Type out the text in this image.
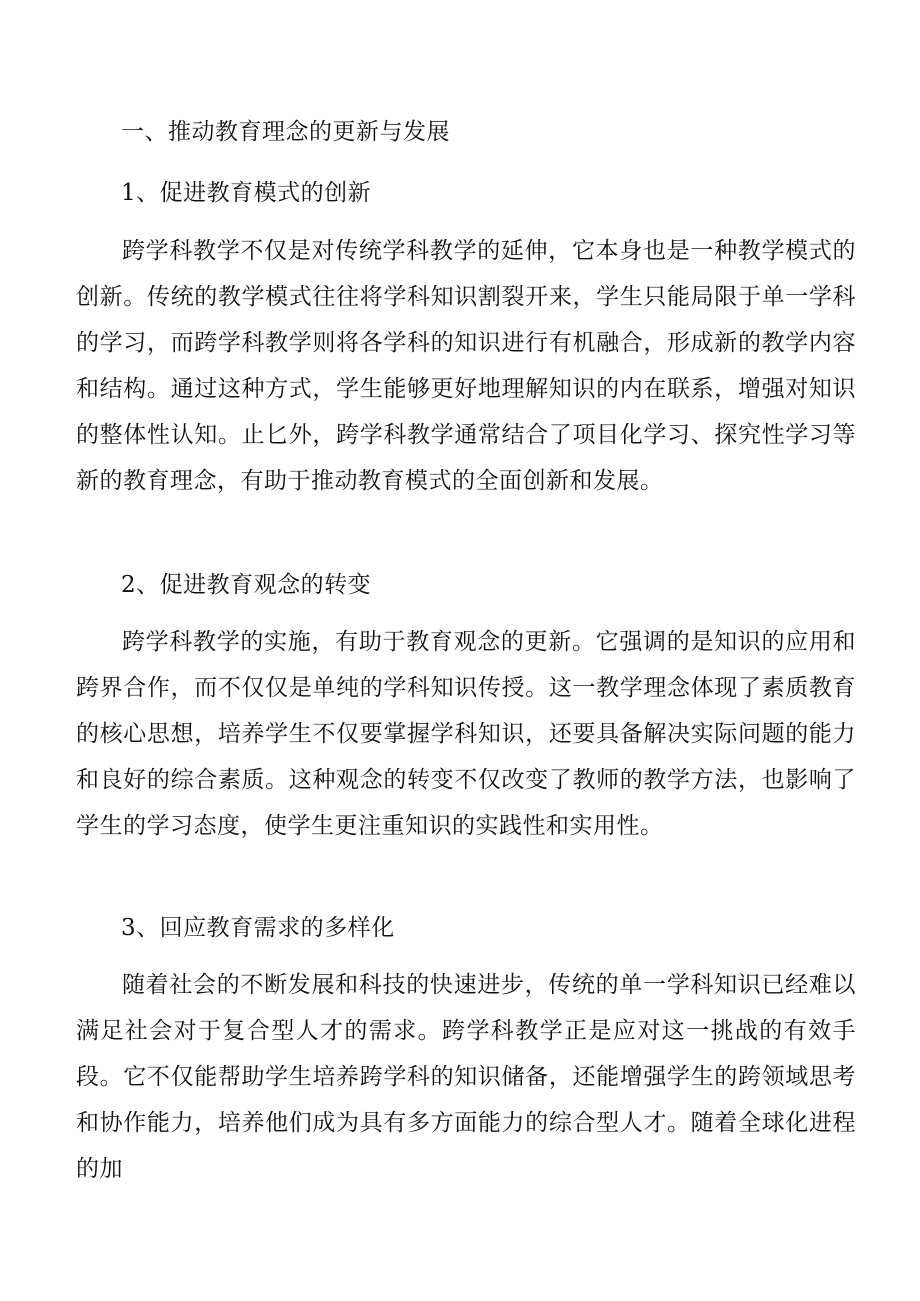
一、推动教育理念的更新与发展
1、促进教育模式的创新

跨学科教学不仅是对传统学科教学的延伸，它本身也是一种教学模式的创新。传统的教学模式往往将学科知识割裂开来，学生只能局限于单一学科的学习，而跨学科教学则将各学科的知识进行有机融合，形成新的教学内容和结构。通过这种方式，学生能够更好地理解知识的内在联系，增强对知识的整体性认知。止匕外，跨学科教学通常结合了项目化学习、探究性学习等新的教育理念，有助于推动教育模式的全面创新和发展。

2、促进教育观念的转变

跨学科教学的实施，有助于教育观念的更新。它强调的是知识的应用和跨界合作，而不仅仅是单纯的学科知识传授。这一教学理念体现了素质教育的核心思想，培养学生不仅要掌握学科知识，还要具备解决实际问题的能力和良好的综合素质。这种观念的转变不仅改变了教师的教学方法，也影响了学生的学习态度，使学生更注重知识的实践性和实用性。

3、回应教育需求的多样化

随着社会的不断发展和科技的快速进步，传统的单一学科知识已经难以满足社会对于复合型人才的需求。跨学科教学正是应对这一挑战的有效手段。它不仅能帮助学生培养跨学科的知识储备，还能增强学生的跨领域思考和协作能力，培养他们成为具有多方面能力的综合型人才。随着全球化进程的加
